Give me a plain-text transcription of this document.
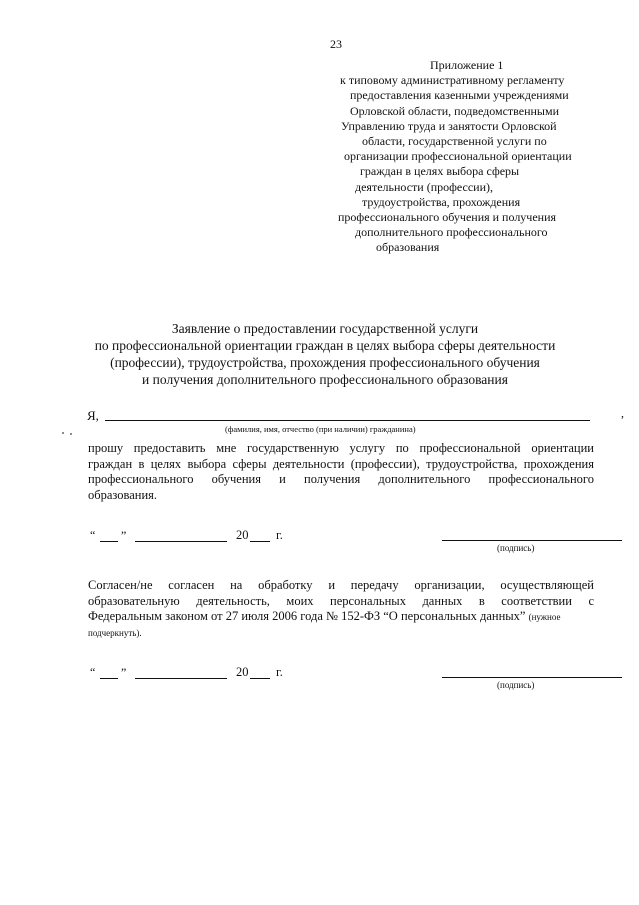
23
Приложение 1
к типовому административному регламенту
предоставления казенными учреждениями
Орловской области, подведомственными
Управлению труда и занятости Орловской
области, государственной услуги по
организации профессиональной ориентации
граждан в целях выбора сферы
деятельности (профессии),
трудоустройства, прохождения
профессионального обучения и получения
дополнительного профессионального
образования
Заявление о предоставлении государственной услуги
по профессиональной ориентации граждан в целях выбора сферы деятельности
(профессии), трудоустройства, прохождения профессионального обучения
и получения дополнительного профессионального образования
Я,	,
(фамилия, имя, отчество (при наличии) гражданина)
прошу предоставить мне государственную услугу по профессиональной ориентации
граждан в целях выбора сферы деятельности (профессии), трудоустройства, прохождения
профессионального обучения и получения дополнительного профессионального
образования.
“ ”	20 г.
(подпись)
Согласен/не согласен на обработку и передачу организации, осуществляющей
образовательную деятельность, моих персональных данных в соответствии с
Федеральным законом от 27 июля 2006 года № 152-ФЗ “О персональных данных” (нужное
подчеркнуть).
“ ”	20 г.
(подпись)
